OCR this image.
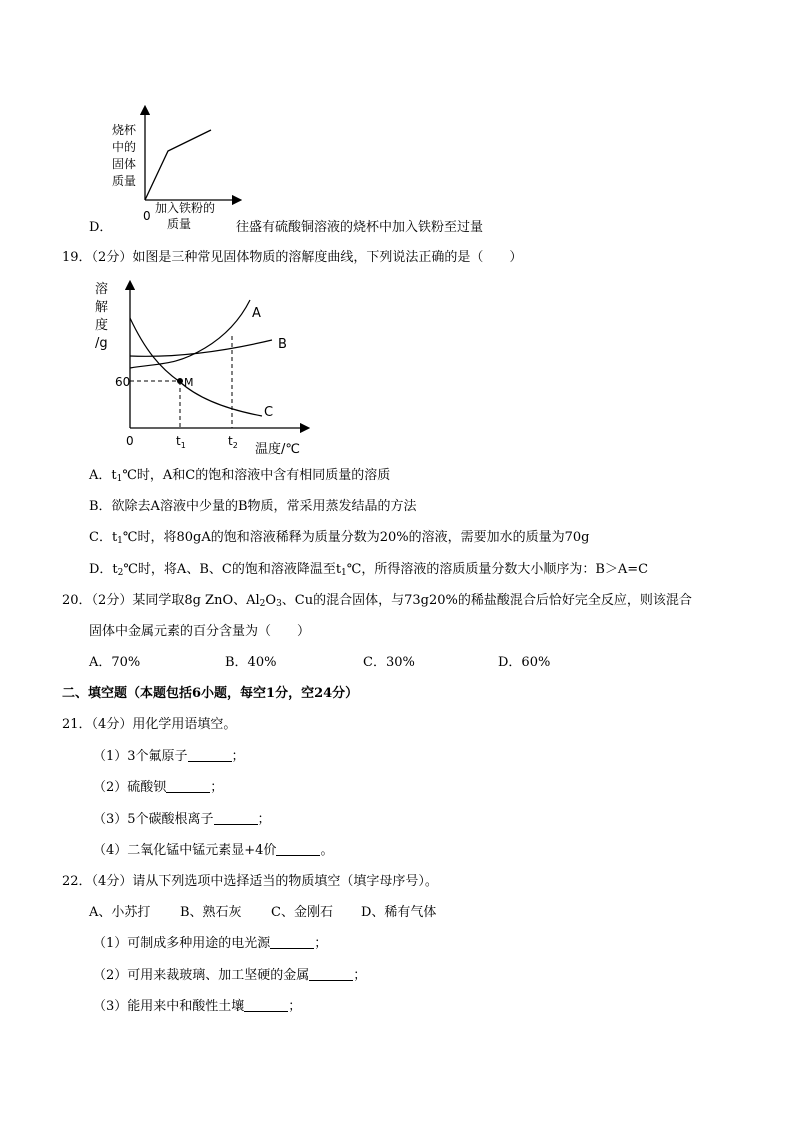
烧杯
中的
固体
质量
0
加入铁粉的
质量
D．	往盛有硫酸铜溶液的烧杯中加入铁粉至过量
19．（2分）如图是三种常见固体物质的溶解度曲线，下列说法正确的是（　　）
溶
解
度
/g
60
0	$t_1$	$t_2$ 温度/℃
M
A
B
C
A．$t_1℃$时，A和C的饱和溶液中含有相同质量的溶质
B．欲除去A溶液中少量的B物质，常采用蒸发结晶的方法
C．$t_1℃$时，将80gA的饱和溶液稀释为质量分数为20%的溶液，需要加水的质量为70g
D．$t_2℃$时，将A、B、C的饱和溶液降温至$t_1℃$，所得溶液的溶质质量分数大小顺序为：B＞A=C
20．（2分）某同学取8g ZnO、$Al_2O_3$、Cu的混合固体，与73g20%的稀盐酸混合后恰好完全反应，则该混合
固体中金属元素的百分含量为（　　）
A．70%	B．40%	C．30%	D．60%
二、填空题（本题包括6小题，每空1分，空24分）
21．（4分）用化学用语填空。
（1）3个氟原子	；
（2）硫酸钡	；
（3）5个碳酸根离子	；
（4）二氧化锰中锰元素显+4价	。
22．（4分）请从下列选项中选择适当的物质填空（填字母序号）。
A、小苏打 B、熟石灰 C、金刚石 D、稀有气体
（1）可制成多种用途的电光源	；
（2）可用来裁玻璃、加工坚硬的金属	；
（3）能用来中和酸性土壤	；
